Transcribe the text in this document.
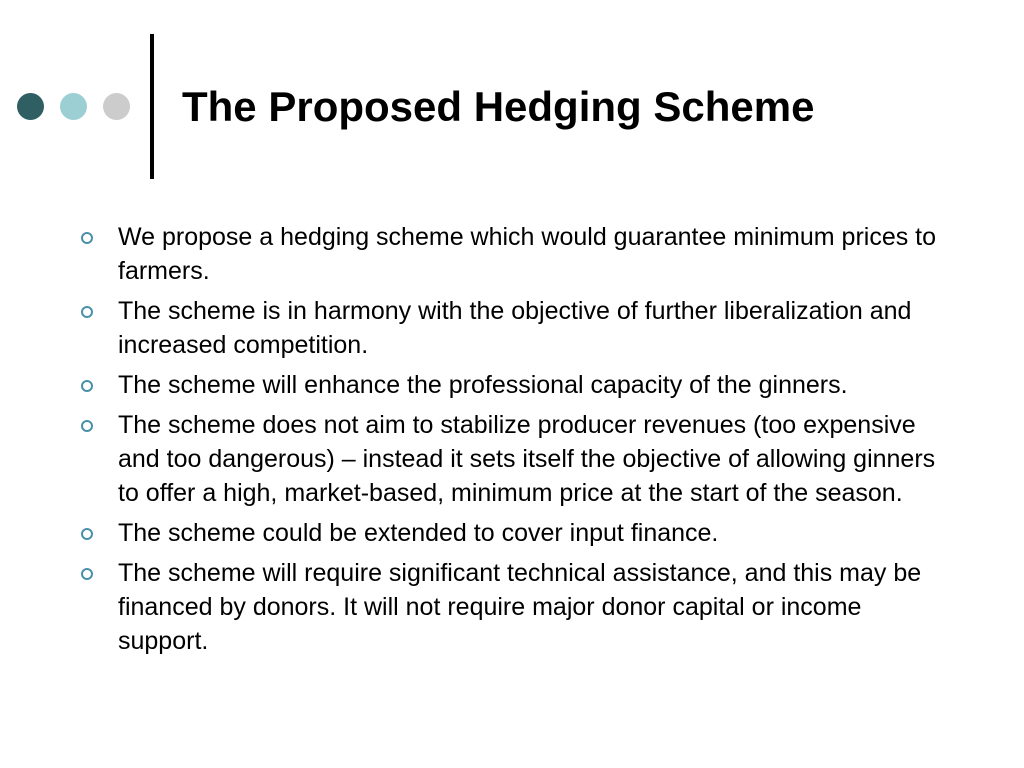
The Proposed Hedging Scheme
We propose a hedging scheme which would guarantee minimum prices to farmers.
The scheme is in harmony with the objective of further liberalization and increased competition.
The scheme will enhance the professional capacity of the ginners.
The scheme does not aim to stabilize producer revenues (too expensive and too dangerous) – instead it sets itself the objective of allowing ginners to offer a high, market-based, minimum price at the start of the season.
The scheme could be extended to cover input finance.
The scheme will require significant technical assistance, and this may be financed by donors. It will not require major donor capital or income support.
